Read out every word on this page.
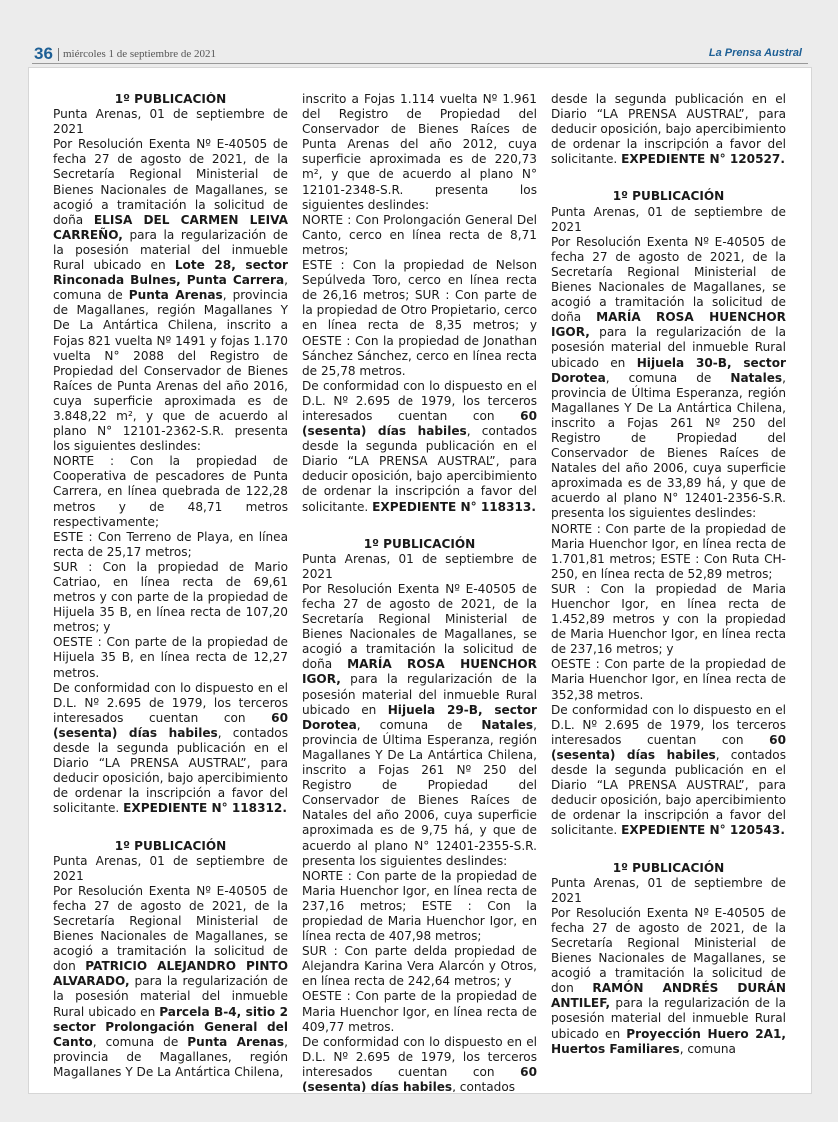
36 miércoles 1 de septiembre de 2021	La Prensa Austral

1º PUBLICACIÓN

Punta Arenas, 01 de septiembre de 2021

Por Resolución Exenta Nº E-40505 de fecha 27 de agosto de 2021, de la Secretaría Regional Ministerial de Bienes Nacionales de Magallanes, se acogió a tramitación la solicitud de doña ELISA DEL CARMEN LEIVA CARREÑO, para la regularización de la posesión material del inmueble Rural ubicado en Lote 28, sector Rinconada Bulnes, Punta Carrera, comuna de Punta Arenas, provincia de Magallanes, región Magallanes Y De La Antártica Chilena, inscrito a Fojas 821 vuelta Nº 1491 y fojas 1.170 vuelta N° 2088 del Registro de Propiedad del Conservador de Bienes Raíces de Punta Arenas del año 2016, cuya superficie aproximada es de 3.848,22 m², y que de acuerdo al plano N° 12101-2362-S.R. presenta los siguientes deslindes:

NORTE : Con la propiedad de Cooperativa de pescadores de Punta Carrera, en línea quebrada de 122,28 metros y de 48,71 metros respectivamente;

ESTE : Con Terreno de Playa, en línea recta de 25,17 metros;

SUR : Con la propiedad de Mario Catriao, en línea recta de 69,61 metros y con parte de la propiedad de Hijuela 35 B, en línea recta de 107,20 metros; y

OESTE : Con parte de la propiedad de Hijuela 35 B, en línea recta de 12,27 metros.

De conformidad con lo dispuesto en el D.L. Nº 2.695 de 1979, los terceros interesados cuentan con 60 (sesenta) días habiles, contados desde la segunda publicación en el Diario “LA PRENSA AUSTRAL”, para deducir oposición, bajo apercibimiento de ordenar la inscripción a favor del solicitante. EXPEDIENTE N° 118312.

1º PUBLICACIÓN

Punta Arenas, 01 de septiembre de 2021

Por Resolución Exenta Nº E-40505 de fecha 27 de agosto de 2021, de la Secretaría Regional Ministerial de Bienes Nacionales de Magallanes, se acogió a tramitación la solicitud de don PATRICIO ALEJANDRO PINTO ALVARADO, para la regularización de la posesión material del inmueble Rural ubicado en Parcela B-4, sitio 2 sector Prolongación General del Canto, comuna de Punta Arenas, provincia de Magallanes, región Magallanes Y De La Antártica Chilena,

inscrito a Fojas 1.114 vuelta Nº 1.961 del Registro de Propiedad del Conservador de Bienes Raíces de Punta Arenas del año 2012, cuya superficie aproximada es de 220,73 m², y que de acuerdo al plano N° 12101-2348-S.R. presenta los siguientes deslindes:

NORTE : Con Prolongación General Del Canto, cerco en línea recta de 8,71 metros;

ESTE : Con la propiedad de Nelson Sepúlveda Toro, cerco en línea recta de 26,16 metros; SUR : Con parte de la propiedad de Otro Propietario, cerco en línea recta de 8,35 metros; y OESTE : Con la propiedad de Jonathan Sánchez Sánchez, cerco en línea recta de 25,78 metros.

De conformidad con lo dispuesto en el D.L. Nº 2.695 de 1979, los terceros interesados cuentan con 60 (sesenta) días habiles, contados desde la segunda publicación en el Diario “LA PRENSA AUSTRAL”, para deducir oposición, bajo apercibimiento de ordenar la inscripción a favor del solicitante. EXPEDIENTE N° 118313.

1º PUBLICACIÓN

Punta Arenas, 01 de septiembre de 2021

Por Resolución Exenta Nº E-40505 de fecha 27 de agosto de 2021, de la Secretaría Regional Ministerial de Bienes Nacionales de Magallanes, se acogió a tramitación la solicitud de doña MARÍA ROSA HUENCHOR IGOR, para la regularización de la posesión material del inmueble Rural ubicado en Hijuela 29-B, sector Dorotea, comuna de Natales, provincia de Última Esperanza, región Magallanes Y De La Antártica Chilena, inscrito a Fojas 261 Nº 250 del Registro de Propiedad del Conservador de Bienes Raíces de Natales del año 2006, cuya superficie aproximada es de 9,75 há, y que de acuerdo al plano N° 12401-2355-S.R. presenta los siguientes deslindes:

NORTE : Con parte de la propiedad de Maria Huenchor Igor, en línea recta de 237,16 metros; ESTE : Con la propiedad de Maria Huenchor Igor, en línea recta de 407,98 metros;

SUR : Con parte delda propiedad de Alejandra Karina Vera Alarcón y Otros, en línea recta de 242,64 metros; y

OESTE : Con parte de la propiedad de Maria Huenchor Igor, en línea recta de 409,77 metros.

De conformidad con lo dispuesto en el D.L. Nº 2.695 de 1979, los terceros interesados cuentan con 60 (sesenta) días habiles, contados

desde la segunda publicación en el Diario “LA PRENSA AUSTRAL”, para deducir oposición, bajo apercibimiento de ordenar la inscripción a favor del solicitante. EXPEDIENTE N° 120527.

1º PUBLICACIÓN

Punta Arenas, 01 de septiembre de 2021

Por Resolución Exenta Nº E-40505 de fecha 27 de agosto de 2021, de la Secretaría Regional Ministerial de Bienes Nacionales de Magallanes, se acogió a tramitación la solicitud de doña MARÍA ROSA HUENCHOR IGOR, para la regularización de la posesión material del inmueble Rural ubicado en Hijuela 30-B, sector Dorotea, comuna de Natales, provincia de Última Esperanza, región Magallanes Y De La Antártica Chilena, inscrito a Fojas 261 Nº 250 del Registro de Propiedad del Conservador de Bienes Raíces de Natales del año 2006, cuya superficie aproximada es de 33,89 há, y que de acuerdo al plano N° 12401-2356-S.R. presenta los siguientes deslindes:

NORTE : Con parte de la propiedad de Maria Huenchor Igor, en línea recta de 1.701,81 metros; ESTE : Con Ruta CH- 250, en línea recta de 52,89 metros;

SUR : Con la propiedad de Maria Huenchor Igor, en línea recta de 1.452,89 metros y con la propiedad de Maria Huenchor Igor, en línea recta de 237,16 metros; y

OESTE : Con parte de la propiedad de Maria Huenchor Igor, en línea recta de 352,38 metros.

De conformidad con lo dispuesto en el D.L. Nº 2.695 de 1979, los terceros interesados cuentan con 60 (sesenta) días habiles, contados desde la segunda publicación en el Diario “LA PRENSA AUSTRAL”, para deducir oposición, bajo apercibimiento de ordenar la inscripción a favor del solicitante. EXPEDIENTE N° 120543.

1º PUBLICACIÓN

Punta Arenas, 01 de septiembre de 2021

Por Resolución Exenta Nº E-40505 de fecha 27 de agosto de 2021, de la Secretaría Regional Ministerial de Bienes Nacionales de Magallanes, se acogió a tramitación la solicitud de don RAMÓN ANDRÉS DURÁN ANTILEF, para la regularización de la posesión material del inmueble Rural ubicado en Proyección Huero 2A1, Huertos Familiares, comuna
